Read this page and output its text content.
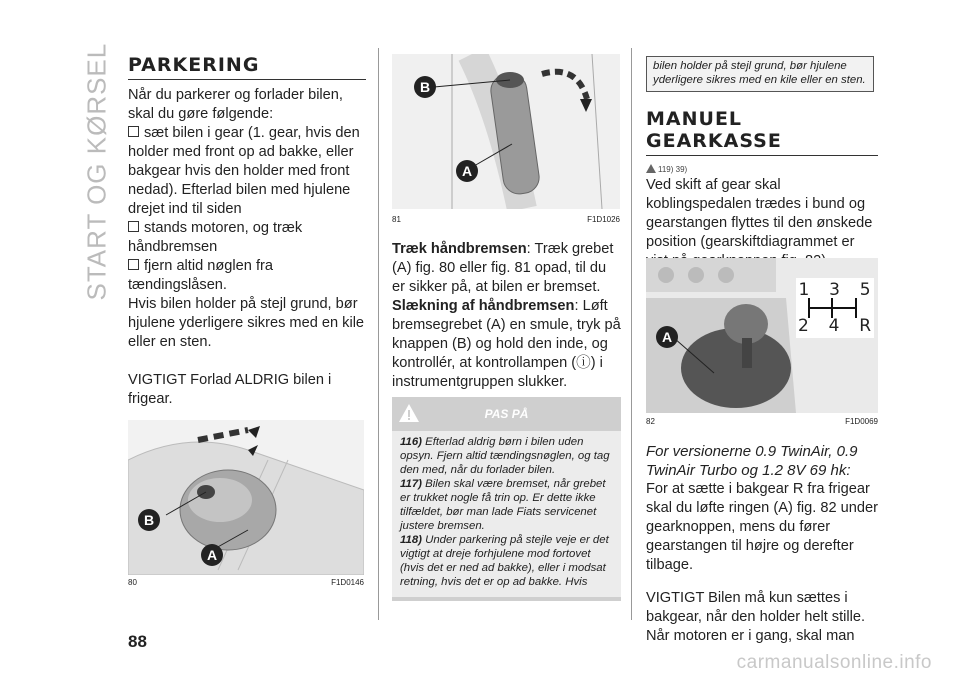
START OG KØRSEL PARKERING

Når du parkerer og forlader bilen, skal du gøre følgende:

sæt bilen i gear (1. gear, hvis den holder med front op ad bakke, eller bakgear hvis den holder med front nedad). Efterlad bilen med hjulene drejet ind til siden

stands motoren, og træk håndbremsen

fjern altid nøglen fra tændingslåsen.

Hvis bilen holder på stejl grund, bør hjulene yderligere sikres med en kile eller en sten.

VIGTIGT Forlad ALDRIG bilen i frigear.

B
A
80	F1D0146
B
A
81	F1D1026

Træk håndbremsen: Træk grebet (A) fig. 80 eller fig. 81 opad, til du er sikker på, at bilen er bremset.

Slækning af håndbremsen: Løft bremsegrebet (A) en smule, tryk på knappen (B) og hold den inde, og kontrollér, at kontrollampen (ⓘ) i instrumentgruppen slukker.

PAS PÅ
116) Efterlad aldrig børn i bilen uden opsyn. Fjern altid tændingsnøglen, og tag den med, når du forlader bilen.
117) Bilen skal være bremset, når grebet er trukket nogle få trin op. Er dette ikke tilfældet, bør man lade Fiats servicenet justere bremsen.
118) Under parkering på stejle veje er det vigtigt at dreje forhjulene mod fortovet (hvis det er ned ad bakke), eller i modsat retning, hvis det er op ad bakke. Hvis
bilen holder på stejl grund, bør hjulene yderligere sikres med en kile eller en sten.

MANUEL

GEARKASSE

119) 39)

Ved skift af gear skal koblingspedalen trædes i bund og gearstangen flyttes til den ønskede position (gearskiftdiagrammet er

1  3  5
2  4  R
A
82	F1D0069

For versionerne 0.9 TwinAir, 0.9 TwinAir Turbo og 1.2 8V 69 hk:

For at sætte i bakgear R fra frigear skal du løfte ringen (A) fig. 82 under gearknoppen, mens du fører gearstangen til højre og derefter tilbage.

VIGTIGT Bilen må kun sættes i bakgear, når den holder helt stille.

Når motoren er i gang, skal man

88
carmanualsonline.info
